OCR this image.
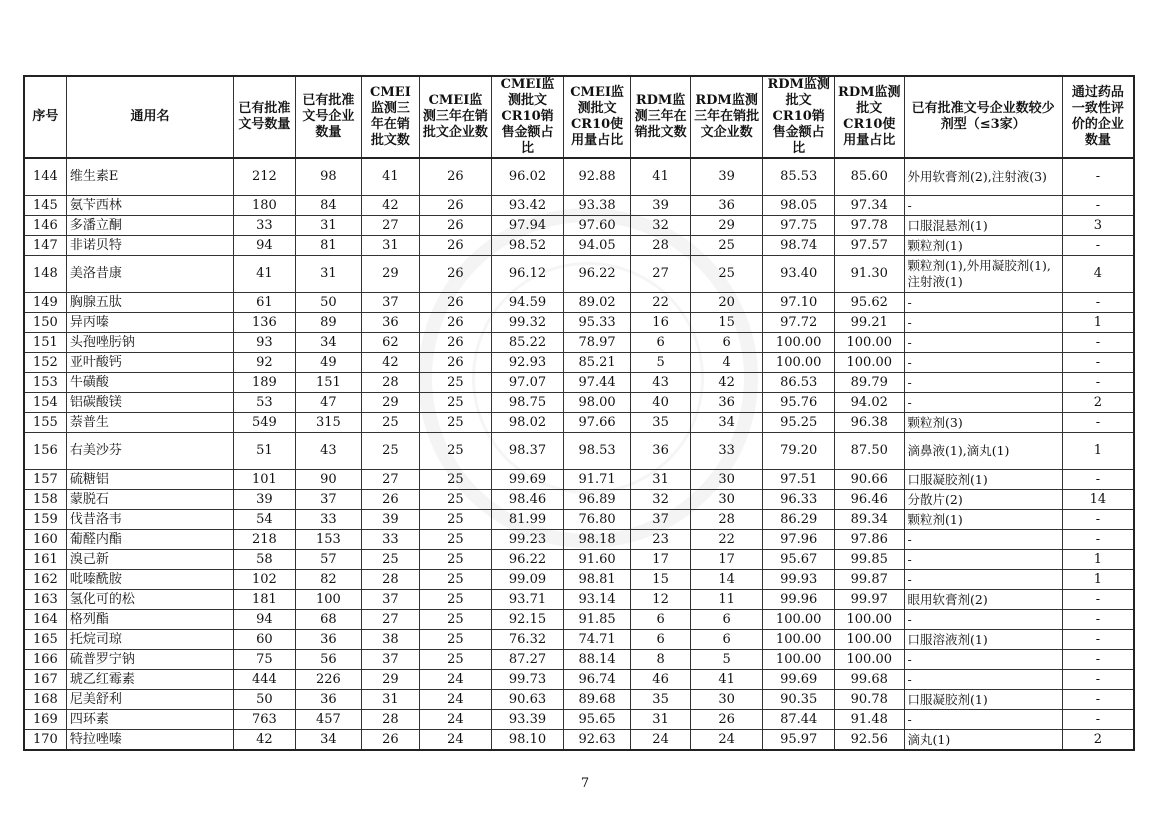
序号	通用名	已有批准文号数量	已有批准文号企业数量	CMEI监测三年在销批文数	CMEI监测三年在销批文企业数	CMEI监测批文CR10销售金额占比	CMEI监测批文CR10使用量占比	RDM监测三年在销批文数	RDM监测三年在销批文企业数	RDM监测批文CR10销售金额占比	RDM监测批文CR10使用量占比	已有批准文号企业数较少剂型（≤3家）	通过药品一致性评价的企业数量
144	维生素E	212	98	41	26	96.02	92.88	41	39	85.53	85.60	外用软膏剂(2),注射液(3)	-
145	氨苄西林	180	84	42	26	93.42	93.38	39	36	98.05	97.34	-	-
146	多潘立酮	33	31	27	26	97.94	97.60	32	29	97.75	97.78	口服混悬剂(1)	3
147	非诺贝特	94	81	31	26	98.52	94.05	28	25	98.74	97.57	颗粒剂(1)	-
148	美洛昔康	41	31	29	26	96.12	96.22	27	25	93.40	91.30	颗粒剂(1),外用凝胶剂(1),注射液(1)	4
149	胸腺五肽	61	50	37	26	94.59	89.02	22	20	97.10	95.62	-	-
150	异丙嗪	136	89	36	26	99.32	95.33	16	15	97.72	99.21	-	1
151	头孢唑肟钠	93	34	62	26	85.22	78.97	6	6	100.00	100.00	-	-
152	亚叶酸钙	92	49	42	26	92.93	85.21	5	4	100.00	100.00	-	-
153	牛磺酸	189	151	28	25	97.07	97.44	43	42	86.53	89.79	-	-
154	铝碳酸镁	53	47	29	25	98.75	98.00	40	36	95.76	94.02	-	2
155	萘普生	549	315	25	25	98.02	97.66	35	34	95.25	96.38	颗粒剂(3)	-
156	右美沙芬	51	43	25	25	98.37	98.53	36	33	79.20	87.50	滴鼻液(1),滴丸(1)	1
157	硫糖铝	101	90	27	25	99.69	91.71	31	30	97.51	90.66	口服凝胶剂(1)	-
158	蒙脱石	39	37	26	25	98.46	96.89	32	30	96.33	96.46	分散片(2)	14
159	伐昔洛韦	54	33	39	25	81.99	76.80	37	28	86.29	89.34	颗粒剂(1)	-
160	葡醛内酯	218	153	33	25	99.23	98.18	23	22	97.96	97.86	-	-
161	溴己新	58	57	25	25	96.22	91.60	17	17	95.67	99.85	-	1
162	吡嗪酰胺	102	82	28	25	99.09	98.81	15	14	99.93	99.87	-	1
163	氢化可的松	181	100	37	25	93.71	93.14	12	11	99.96	99.97	眼用软膏剂(2)	-
164	格列酯	94	68	27	25	92.15	91.85	6	6	100.00	100.00	-	-
165	托烷司琼	60	36	38	25	76.32	74.71	6	6	100.00	100.00	口服溶液剂(1)	-
166	硫普罗宁钠	75	56	37	25	87.27	88.14	8	5	100.00	100.00	-	-
167	琥乙红霉素	444	226	29	24	99.73	96.74	46	41	99.69	99.68	-	-
168	尼美舒利	50	36	31	24	90.63	89.68	35	30	90.35	90.78	口服凝胶剂(1)	-
169	四环素	763	457	28	24	93.39	95.65	31	26	87.44	91.48	-	-
170	特拉唑嗪	42	34	26	24	98.10	92.63	24	24	95.97	92.56	滴丸(1)	2
7
